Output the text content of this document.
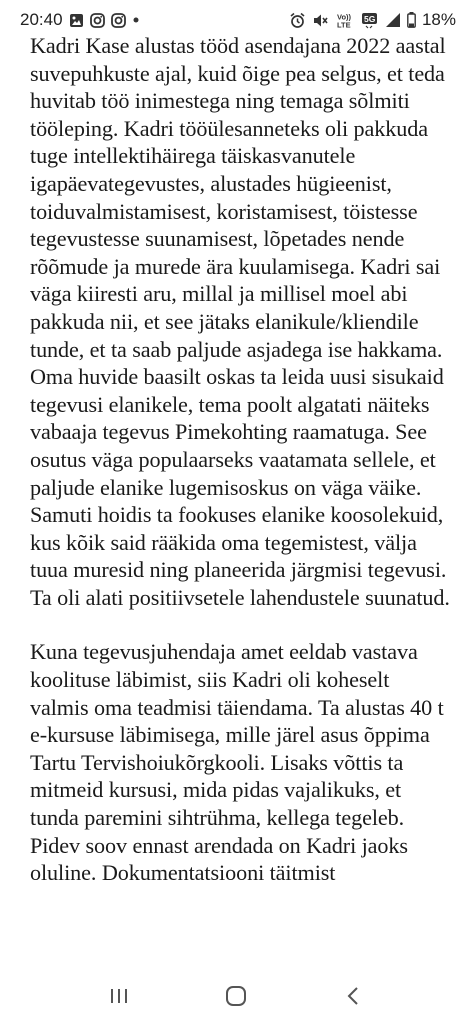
20:40	Vo))
LTE
5G	18%

Kadri Kase alustas tööd asendajana 2022 aastal suvepuhkuste ajal, kuid õige pea selgus, et teda huvitab töö inimestega ning temaga sõlmiti tööleping. Kadri tööülesanneteks oli pakkuda tuge intellektihäirega täiskasvanutele igapäevategevustes, alustades hügieenist, toiduvalmistamisest, koristamisest, töistesse tegevustesse suunamisest, lõpetades nende rõõmude ja murede ära kuulamisega. Kadri sai väga kiiresti aru, millal ja millisel moel abi pakkuda nii, et see jätaks elanikule/kliendile tunde, et ta saab paljude asjadega ise hakkama.

Oma huvide baasilt oskas ta leida uusi sisukaid tegevusi elanikele, tema poolt algatati näiteks vabaaja tegevus Pimekohting raamatuga. See osutus väga populaarseks vaatamata sellele, et paljude elanike lugemisoskus on väga väike. Samuti hoidis ta fookuses elanike koosolekuid, kus kõik said rääkida oma tegemistest, välja tuua muresid ning planeerida järgmisi tegevusi. Ta oli alati positiivsetele lahendustele suunatud.

Kuna tegevusjuhendaja amet eeldab vastava koolituse läbimist, siis Kadri oli koheselt valmis oma teadmisi täiendama. Ta alustas 40 t e-kursuse läbimisega, mille järel asus õppima Tartu Tervishoiukõrgkooli. Lisaks võttis ta mitmeid kursusi, mida pidas vajalikuks, et tunda paremini sihtrühma, kellega tegeleb. Pidev soov ennast arendada on Kadri jaoks oluline. Dokumentatsiooni täitmist
